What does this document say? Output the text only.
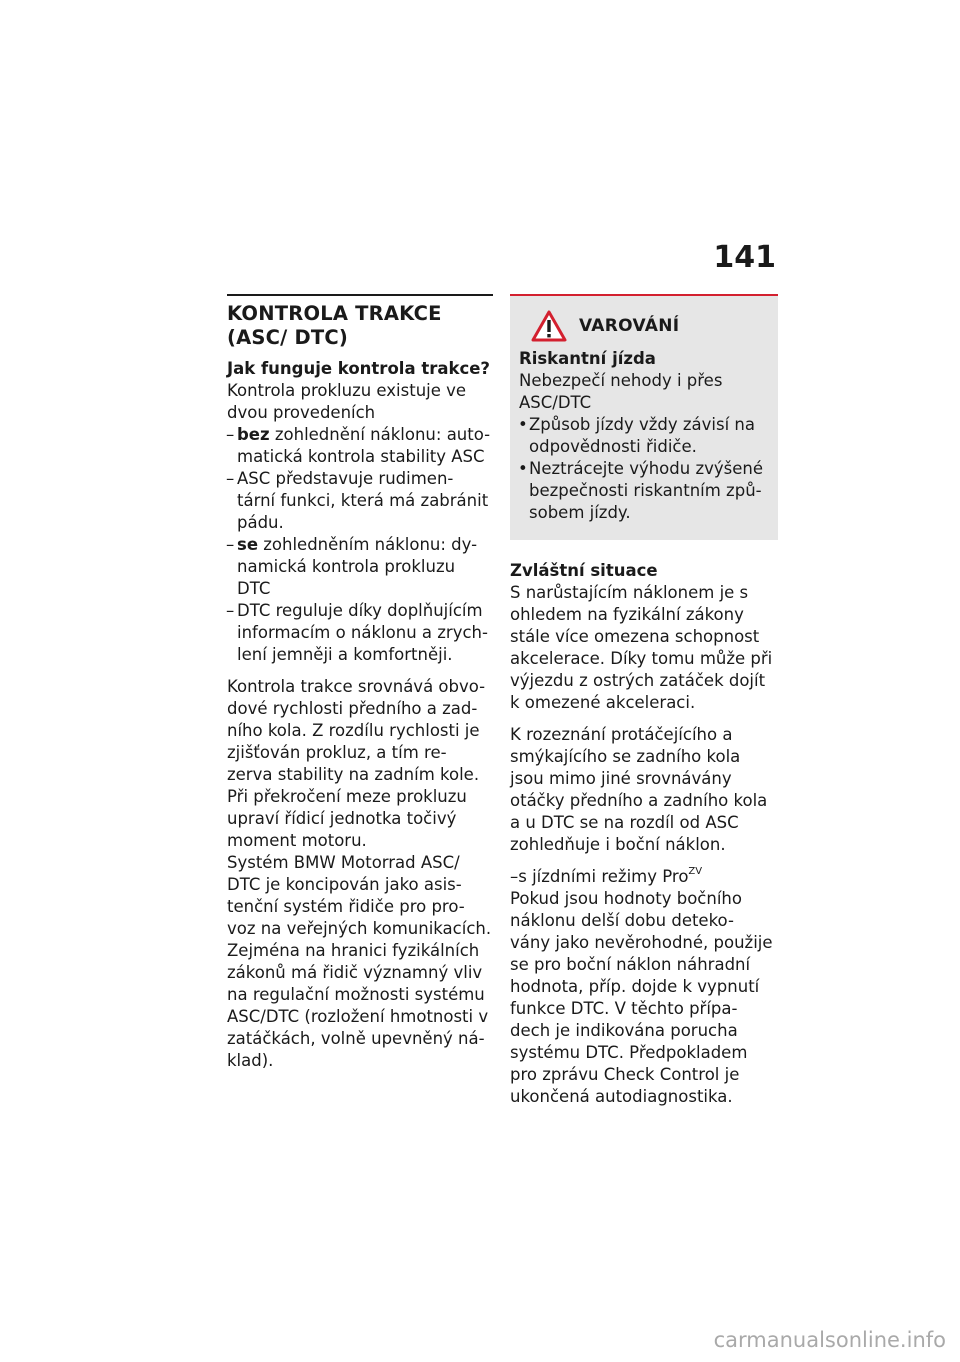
141
KONTROLA TRAKCE (ASC/ DTC)
Jak funguje kontrola trakce?
Kontrola prokluzu existuje ve dvou provedeních
– bez zohlednění náklonu: auto- matická kontrola stability ASC
– ASC představuje rudimen- tární funkci, která má zabránit pádu.
– se zohledněním náklonu: dy- namická kontrola prokluzu DTC
– DTC reguluje díky doplňujícím informacím o náklonu a zrych- lení jemněji a komfortněji.
Kontrola trakce srovnává obvo- dové rychlosti předního a zad- ního kola. Z rozdílu rychlosti je zjišťován prokluz, a tím re- zerva stability na zadním kole. Při překročení meze prokluzu upraví řídicí jednotka točivý moment motoru.
Systém BMW Motorrad ASC/ DTC je koncipován jako asis- tenční systém řidiče pro pro- voz na veřejných komunikacích. Zejména na hranici fyzikálních zákonů má řidič významný vliv na regulační možnosti systému ASC/DTC (rozložení hmotnosti v zatáčkách, volně upevněný ná- klad).
VAROVÁNÍ
Riskantní jízda
Nebezpečí nehody i přes ASC/DTC
• Způsob jízdy vždy závisí na odpovědnosti řidiče.
• Neztrácejte výhodu zvýšené bezpečnosti riskantním způ- sobem jízdy.
Zvláštní situace
S narůstajícím náklonem je s ohledem na fyzikální zákony stále více omezena schopnost akcelerace. Díky tomu může při výjezdu z ostrých zatáček dojít k omezené akceleraci.
K rozeznání protáčejícího a smýkajícího se zadního kola jsou mimo jiné srovnávány otáčky předního a zadního kola a u DTC se na rozdíl od ASC zohledňuje i boční náklon.
–s jízdními režimy Pro$^{ZV}$
Pokud jsou hodnoty bočního náklonu delší dobu deteko- vány jako nevěrohodné, použije se pro boční náklon náhradní hodnota, příp. dojde k vypnutí funkce DTC. V těchto přípa- dech je indikována porucha systému DTC. Předpokladem pro zprávu Check Control je ukončená autodiagnostika.
carmanualsonline.info
